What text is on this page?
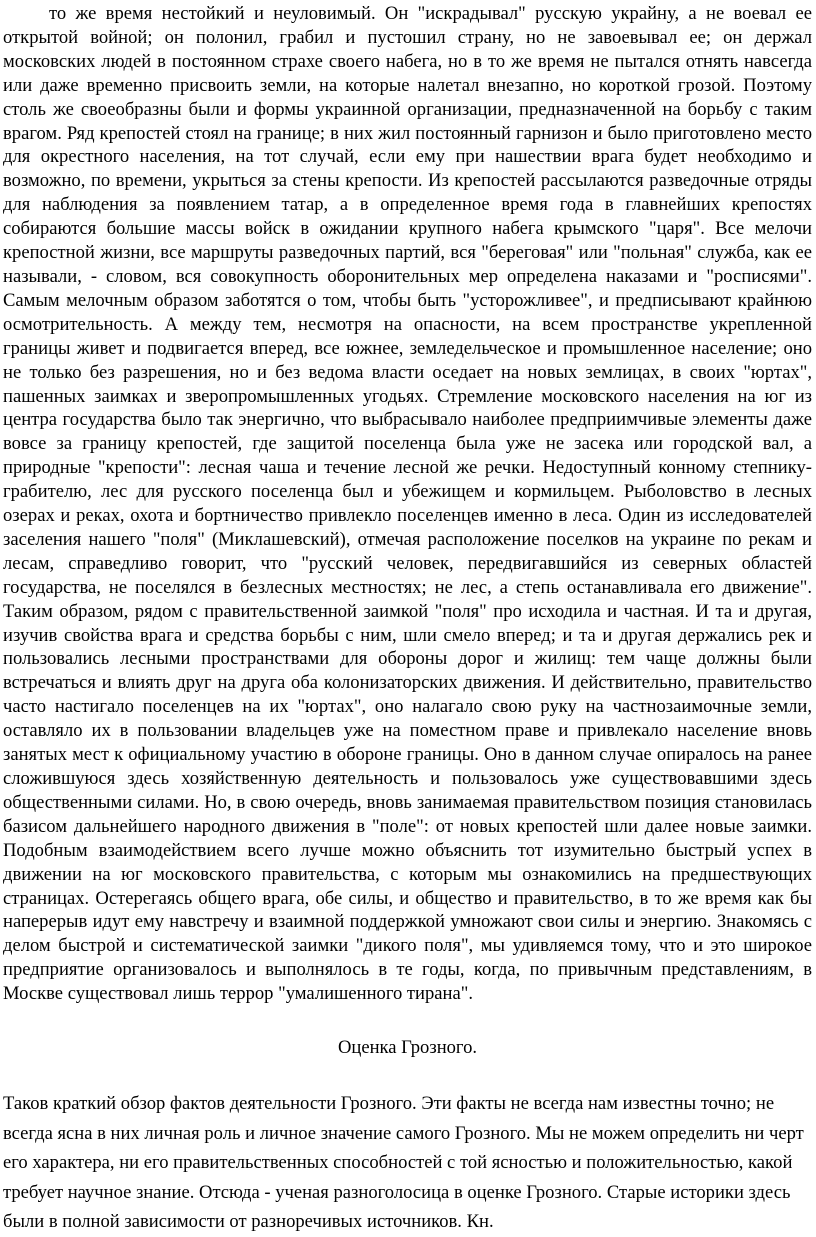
то же время нестойкий и неуловимый. Он "искрадывал" русскую украйну, а не воевал ее открытой войной; он полонил, грабил и пустошил страну, но не завоевывал ее; он держал московских людей в постоянном страхе своего набега, но в то же время не пытался отнять навсегда или даже временно присвоить земли, на которые налетал внезапно, но короткой грозой. Поэтому столь же своеобразны были и формы украинной организации, предназначенной на борьбу с таким врагом. Ряд крепостей стоял на границе; в них жил постоянный гарнизон и было приготовлено место для окрестного населения, на тот случай, если ему при нашествии врага будет необходимо и возможно, по времени, укрыться за стены крепости. Из крепостей рассылаются разведочные отряды для наблюдения за появлением татар, а в определенное время года в главнейших крепостях собираются большие массы войск в ожидании крупного набега крымского "царя". Все мелочи крепостной жизни, все маршруты разведочных партий, вся "береговая" или "польная" служба, как ее называли, - словом, вся совокупность оборонительных мер определена наказами и "росписями". Самым мелочным образом заботятся о том, чтобы быть "усторожливее", и предписывают крайнюю осмотрительность. А между тем, несмотря на опасности, на всем пространстве укрепленной границы живет и подвигается вперед, все южнее, земледельческое и промышленное население; оно не только без разрешения, но и без ведома власти оседает на новых землицах, в своих "юртах", пашенных заимках и зверопромышленных угодьях. Стремление московского населения на юг из центра государства было так энергично, что выбрасывало наиболее предприимчивые элементы даже вовсе за границу крепостей, где защитой поселенца была уже не засека или городской вал, а природные "крепости": лесная чаша и течение лесной же речки. Недоступный конному степнику-грабителю, лес для русского поселенца был и убежищем и кормильцем. Рыболовство в лесных озерах и реках, охота и бортничество привлекло поселенцев именно в леса. Один из исследователей заселения нашего "поля" (Миклашевский), отмечая расположение поселков на украине по рекам и лесам, справедливо говорит, что "русский человек, передвигавшийся из северных областей государства, не поселялся в безлесных местностях; не лес, а степь останавливала его движение". Таким образом, рядом с правительственной заимкой "поля" про исходила и частная. И та и другая, изучив свойства врага и средства борьбы с ним, шли смело вперед; и та и другая держались рек и пользовались лесными пространствами для обороны дорог и жилищ: тем чаще должны были встречаться и влиять друг на друга оба колонизаторских движения. И действительно, правительство часто настигало поселенцев на их "юртах", оно налагало свою руку на частнозаимочные земли, оставляло их в пользовании владельцев уже на поместном праве и привлекало население вновь занятых мест к официальному участию в обороне границы. Оно в данном случае опиралось на ранее сложившуюся здесь хозяйственную деятельность и пользовалось уже существовавшими здесь общественными силами. Но, в свою очередь, вновь занимаемая правительством позиция становилась базисом дальнейшего народного движения в "поле": от новых крепостей шли далее новые заимки. Подобным взаимодействием всего лучше можно объяснить тот изумительно быстрый успех в движении на юг московского правительства, с которым мы ознакомились на предшествующих страницах. Остерегаясь общего врага, обе силы, и общество и правительство, в то же время как бы наперерыв идут ему навстречу и взаимной поддержкой умножают свои силы и энергию. Знакомясь с делом быстрой и систематической заимки "дикого поля", мы удивляемся тому, что и это широкое предприятие организовалось и выполнялось в те годы, когда, по привычным представлениям, в Москве существовал лишь террор "умалишенного тирана".

Оценка Грозного.

Таков краткий обзор фактов деятельности Грозного. Эти факты не всегда нам известны точно; не всегда ясна в них личная роль и личное значение самого Грозного. Мы не можем определить ни черт его характера, ни его правительственных способностей с той ясностью и положительностью, какой требует научное знание. Отсюда - ученая разноголосица в оценке Грозного. Старые историки здесь были в полной зависимости от разноречивых источников. Кн.
